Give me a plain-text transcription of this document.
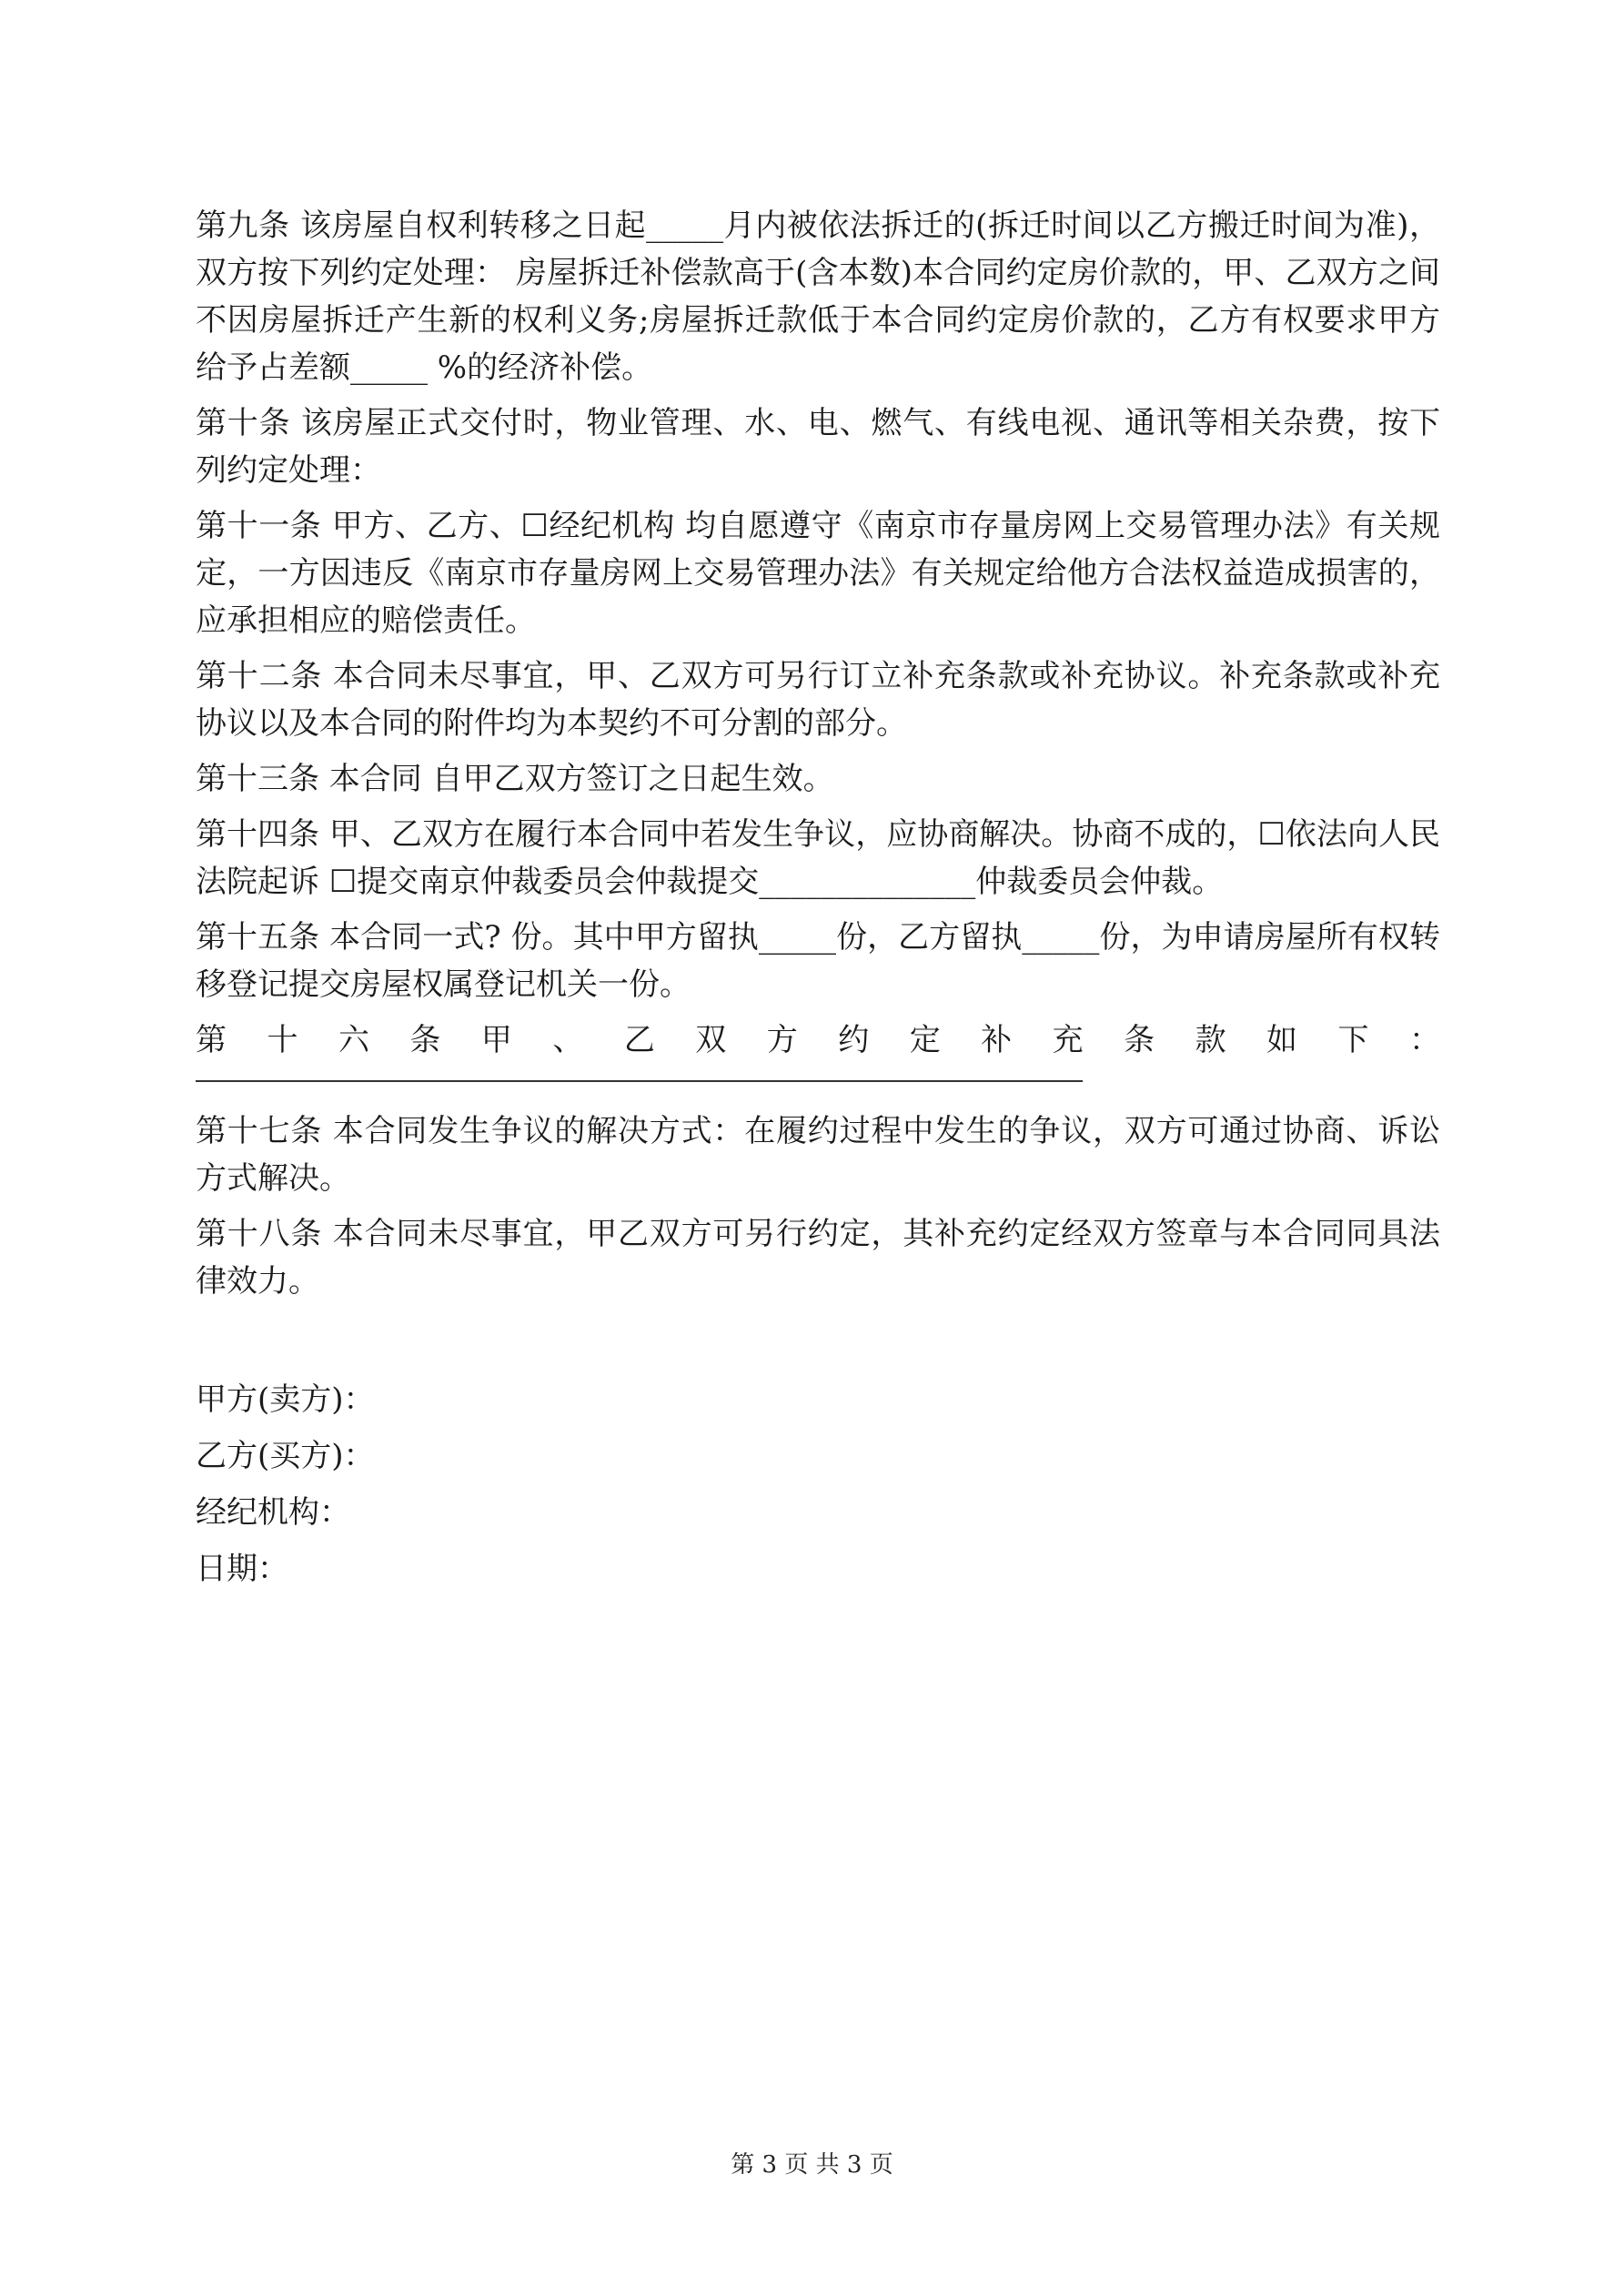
第九条 该房屋自权利转移之日起_____月内被依法拆迁的(拆迁时间以乙方搬迁时间为准)，双方按下列约定处理： 房屋拆迁补偿款高于(含本数)本合同约定房价款的，甲、乙双方之间不因房屋拆迁产生新的权利义务;房屋拆迁款低于本合同约定房价款的，乙方有权要求甲方给予占差额_____ %的经济补偿。

第十条 该房屋正式交付时，物业管理、水、电、燃气、有线电视、通讯等相关杂费，按下列约定处理：

第十一条 甲方、乙方、☐经纪机构 均自愿遵守《南京市存量房网上交易管理办法》有关规定，一方因违反《南京市存量房网上交易管理办法》有关规定给他方合法权益造成损害的，应承担相应的赔偿责任。

第十二条 本合同未尽事宜，甲、乙双方可另行订立补充条款或补充协议。补充条款或补充协议以及本合同的附件均为本契约不可分割的部分。

第十三条 本合同 自甲乙双方签订之日起生效。

第十四条 甲、乙双方在履行本合同中若发生争议，应协商解决。协商不成的，☐依法向人民法院起诉 ☐提交南京仲裁委员会仲裁提交______________仲裁委员会仲裁。

第十五条 本合同一式? 份。其中甲方留执_____份，乙方留执_____份，为申请房屋所有权转移登记提交房屋权属登记机关一份。

第 十 六 条 甲 、 乙 双 方 约 定 补 充 条 款 如 下 ：

第十七条 本合同发生争议的解决方式：在履约过程中发生的争议，双方可通过协商、诉讼方式解决。

第十八条 本合同未尽事宜，甲乙双方可另行约定，其补充约定经双方签章与本合同同具法律效力。

甲方(卖方)：

乙方(买方)：

经纪机构：

日期：

第 3 页 共 3 页
